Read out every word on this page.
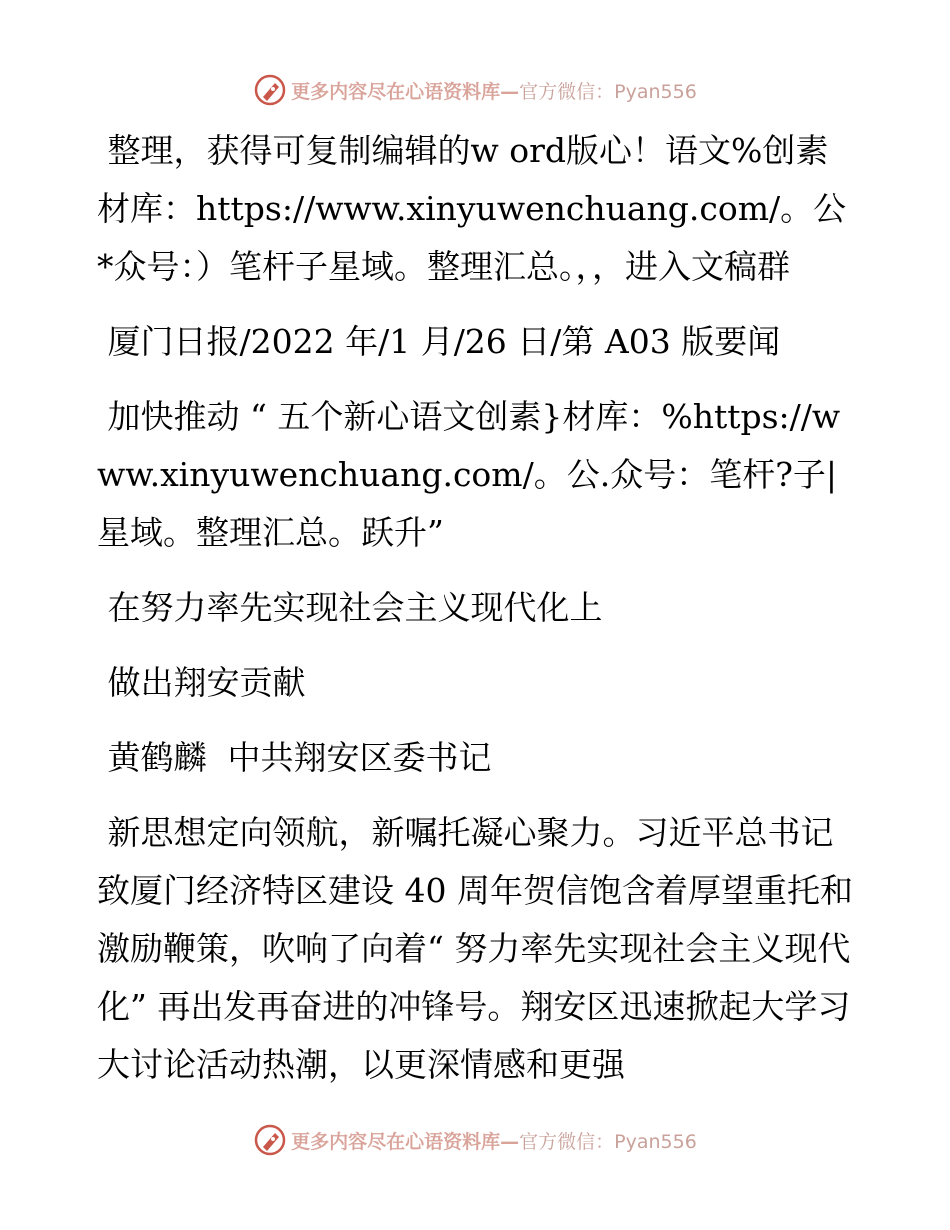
更多内容尽在心语资料库—官方微信：Pyan556

整理，获得可复制编辑的w ord版心！语文%创素材库：https://www.xinyuwenchuang.com/。公*众号：）笔杆子星域。整理汇总。，，进入文稿群

厦门日报/2022 年/1 月/26 日/第 A03 版要闻

加快推动 “ 五个新心语文创素}材库：%https://www.xinyuwenchuang.com/。公.众号：笔杆?子|星域。整理汇总。跃升”

在努力率先实现社会主义现代化上

做出翔安贡献

黄鹤麟  中共翔安区委书记

新思想定向领航，新嘱托凝心聚力。习近平总书记致厦门经济特区建设 40 周年贺信饱含着厚望重托和激励鞭策，吹响了向着“ 努力率先实现社会主义现代化” 再出发再奋进的冲锋号。翔安区迅速掀起大学习大讨论活动热潮，以更深情感和更强

更多内容尽在心语资料库—官方微信：Pyan556
